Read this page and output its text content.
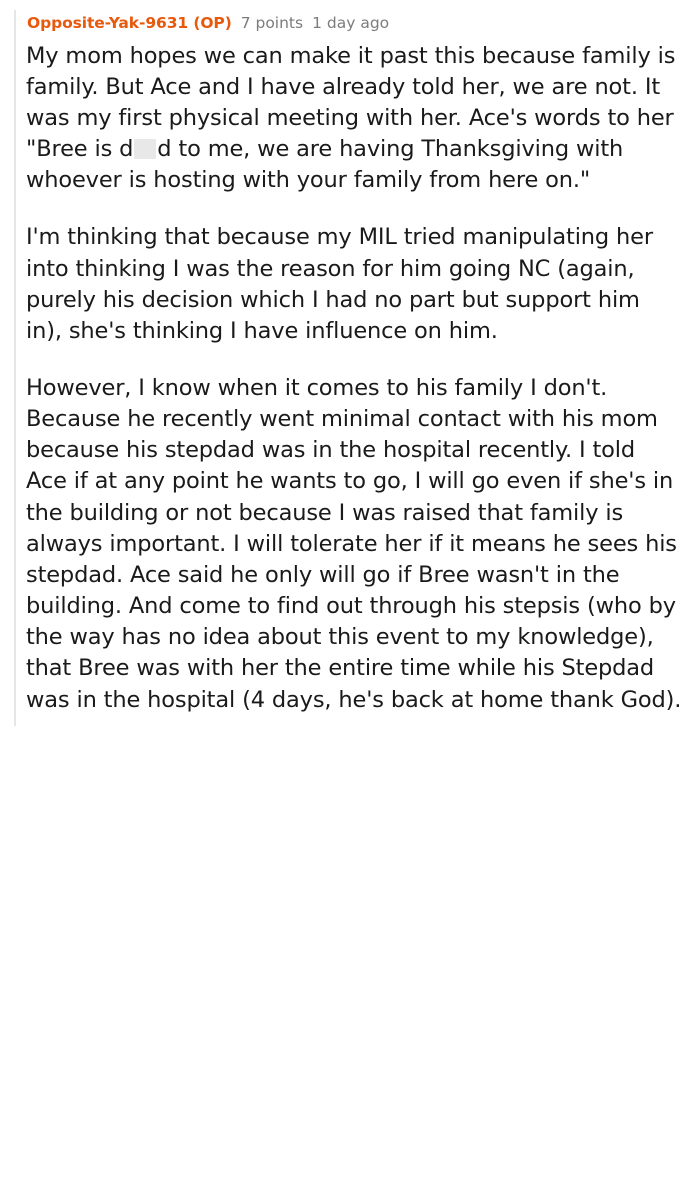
Opposite-Yak-9631 (OP) 7 points 1 day ago

My mom hopes we can make it past this because family is family. But Ace and I have already told her, we are not. It was my first physical meeting with her. Ace's words to her "Bree is d d to me, we are having Thanksgiving with whoever is hosting with your family from here on."

I'm thinking that because my MIL tried manipulating her into thinking I was the reason for him going NC (again, purely his decision which I had no part but support him in), she's thinking I have influence on him.

However, I know when it comes to his family I don't. Because he recently went minimal contact with his mom because his stepdad was in the hospital recently. I told Ace if at any point he wants to go, I will go even if she's in the building or not because I was raised that family is always important. I will tolerate her if it means he sees his stepdad. Ace said he only will go if Bree wasn't in the building. And come to find out through his stepsis (who by the way has no idea about this event to my knowledge), that Bree was with her the entire time while his Stepdad was in the hospital (4 days, he's back at home thank God).
